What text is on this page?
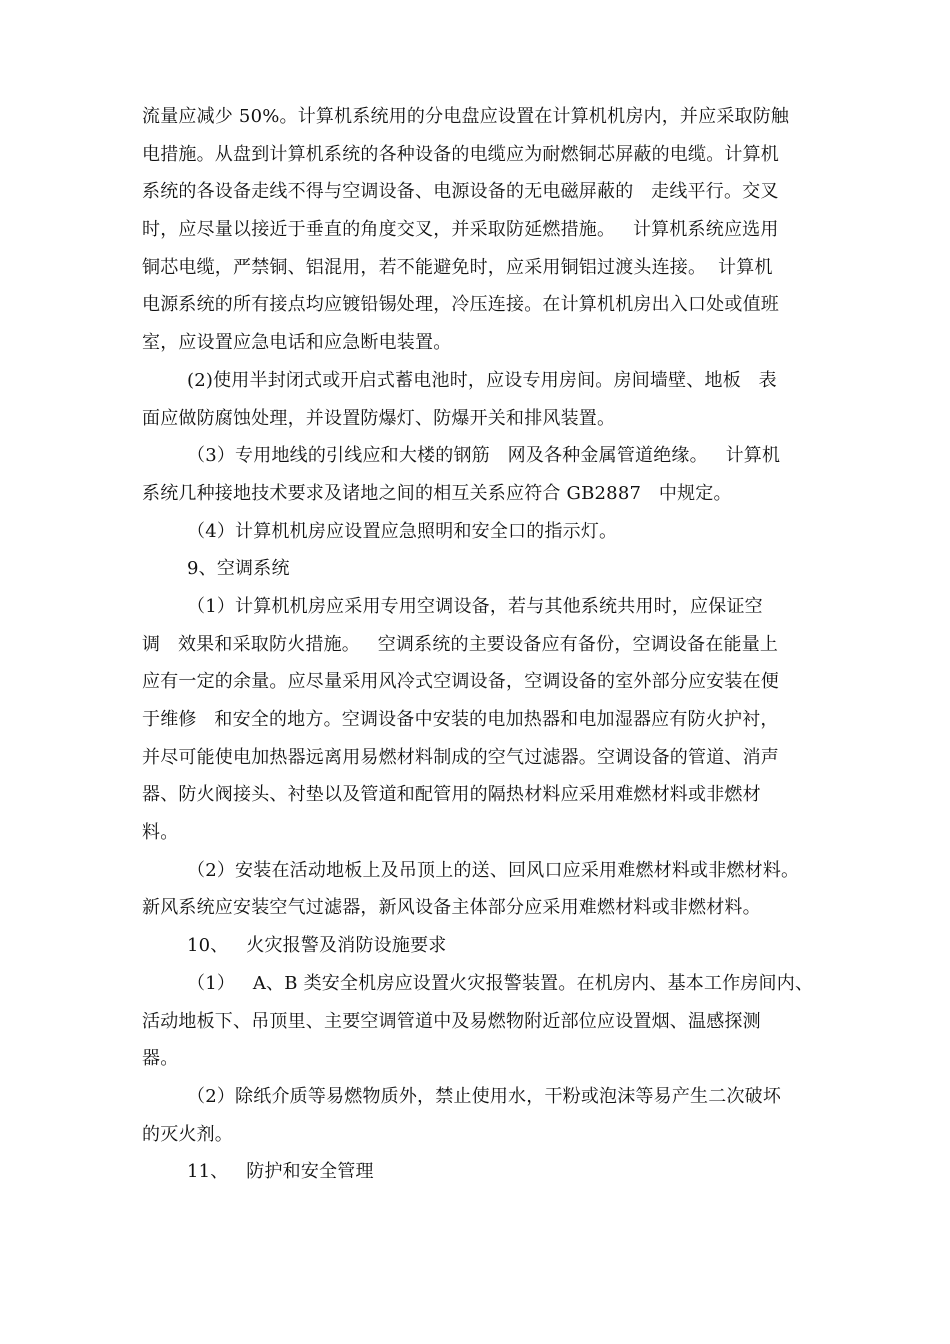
流量应减少 50%。计算机系统用的分电盘应设置在计算机机房内，并应采取防触
电措施。从盘到计算机系统的各种设备的电缆应为耐燃铜芯屏蔽的电缆。计算机
系统的各设备走线不得与空调设备、电源设备的无电磁屏蔽的   走线平行。交叉
时，应尽量以接近于垂直的角度交叉，并采取防延燃措施。   计算机系统应选用
铜芯电缆，严禁铜、铝混用，若不能避免时，应采用铜铝过渡头连接。  计算机
电源系统的所有接点均应镀铅锡处理，冷压连接。在计算机机房出入口处或值班
室，应设置应急电话和应急断电装置。
(2)使用半封闭式或开启式蓄电池时，应设专用房间。房间墙壁、地板   表
面应做防腐蚀处理，并设置防爆灯、防爆开关和排风装置。
（3）专用地线的引线应和大楼的钢筋   网及各种金属管道绝缘。   计算机
系统几种接地技术要求及诸地之间的相互关系应符合 GB2887   中规定。
（4）计算机机房应设置应急照明和安全口的指示灯。
9、空调系统
（1）计算机机房应采用专用空调设备，若与其他系统共用时，应保证空
调   效果和采取防火措施。   空调系统的主要设备应有备份，空调设备在能量上
应有一定的余量。应尽量采用风冷式空调设备，空调设备的室外部分应安装在便
于维修   和安全的地方。空调设备中安装的电加热器和电加湿器应有防火护衬，
并尽可能使电加热器远离用易燃材料制成的空气过滤器。空调设备的管道、消声
器、防火阀接头、衬垫以及管道和配管用的隔热材料应采用难燃材料或非燃材
料。
（2）安装在活动地板上及吊顶上的送、回风口应采用难燃材料或非燃材料。
新风系统应安装空气过滤器，新风设备主体部分应采用难燃材料或非燃材料。
10、   火灾报警及消防设施要求
（1）   A、B 类安全机房应设置火灾报警装置。在机房内、基本工作房间内、
活动地板下、吊顶里、主要空调管道中及易燃物附近部位应设置烟、温感探测
器。
（2）除纸介质等易燃物质外，禁止使用水，干粉或泡沫等易产生二次破坏
的灭火剂。
11、   防护和安全管理
